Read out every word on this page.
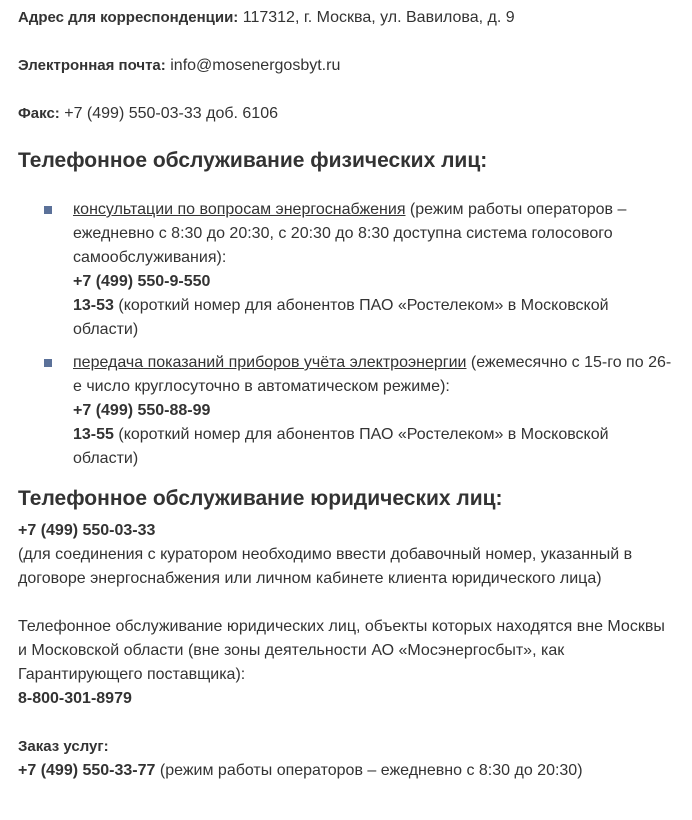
Адрес для корреспонденции: 117312, г. Москва, ул. Вавилова, д. 9

Электронная почта: info@mosenergosbyt.ru

Факс: +7 (499) 550-03-33 доб. 6106

Телефонное обслуживание физических лиц:
консультации по вопросам энергоснабжения (режим работы операторов – ежедневно с 8:30 до 20:30, с 20:30 до 8:30 доступна система голосового самообслуживания):
+7 (499) 550-9-550
13-53 (короткий номер для абонентов ПАО «Ростелеком» в Московской области)
передача показаний приборов учёта электроэнергии (ежемесячно с 15-го по 26-е число круглосуточно в автоматическом режиме):
+7 (499) 550-88-99
13-55 (короткий номер для абонентов ПАО «Ростелеком» в Московской области)
Телефонное обслуживание юридических лиц:

+7 (499) 550-03-33
(для соединения с куратором необходимо ввести добавочный номер, указанный в договоре энергоснабжения или личном кабинете клиента юридического лица)

Телефонное обслуживание юридических лиц, объекты которых находятся вне Москвы и Московской области (вне зоны деятельности АО «Мосэнергосбыт», как Гарантирующего поставщика):
8-800-301-8979

Заказ услуг:
+7 (499) 550-33-77 (режим работы операторов – ежедневно с 8:30 до 20:30)
